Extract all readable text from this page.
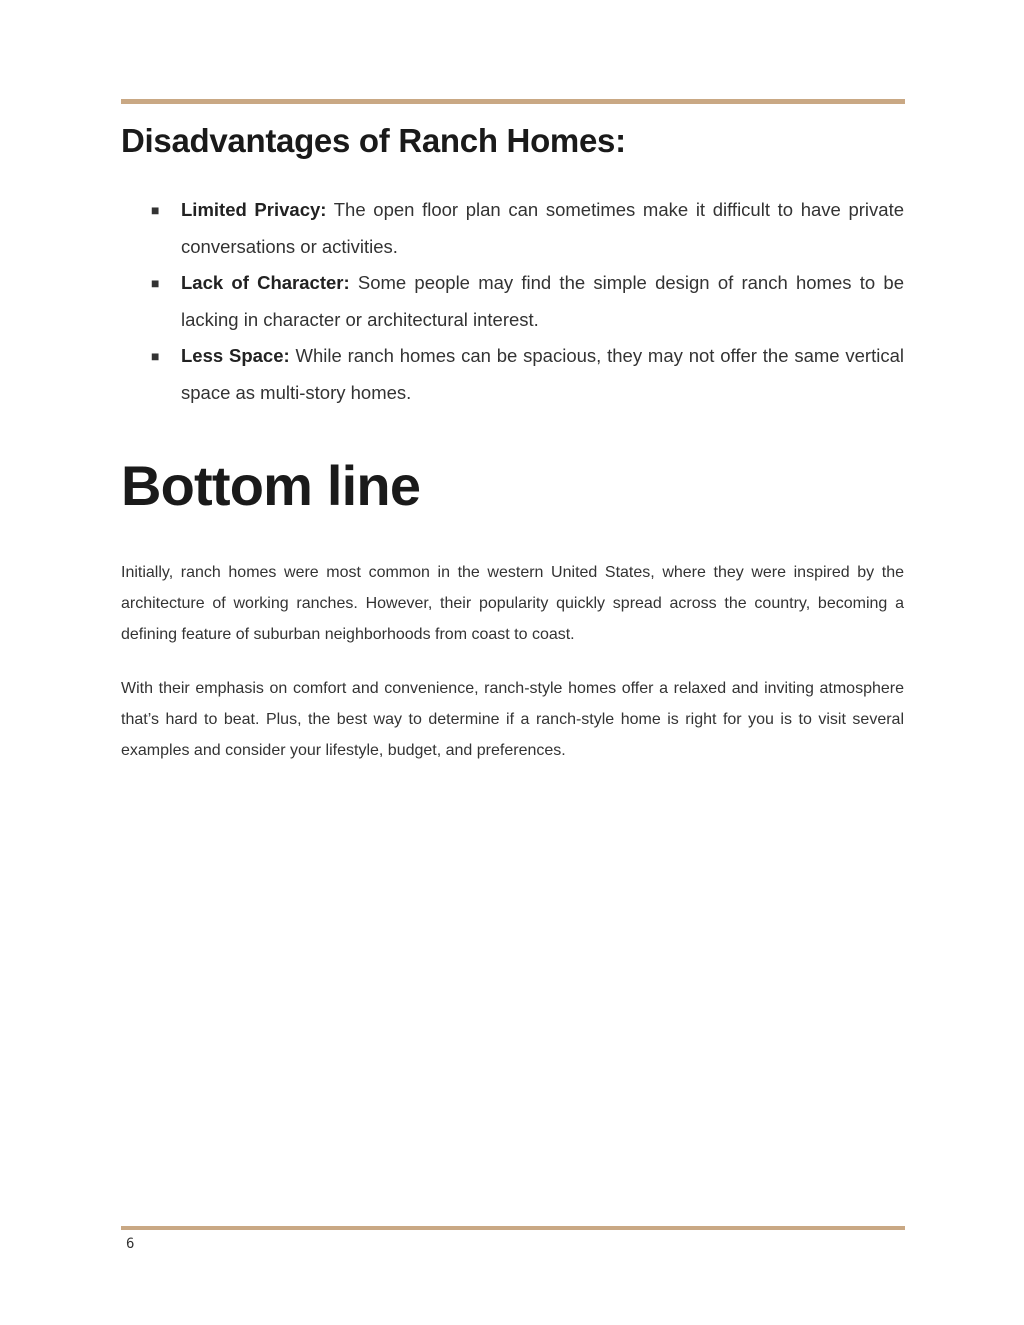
Disadvantages of Ranch Homes:
■ Limited Privacy: The open floor plan can sometimes make it difficult to have private conversations or activities.
■ Lack of Character: Some people may find the simple design of ranch homes to be lacking in character or architectural interest.
■ Less Space: While ranch homes can be spacious, they may not offer the same vertical space as multi-story homes.
Bottom line

Initially, ranch homes were most common in the western United States, where they were inspired by the architecture of working ranches. However, their popularity quickly spread across the country, becoming a defining feature of suburban neighborhoods from coast to coast.

With their emphasis on comfort and convenience, ranch-style homes offer a relaxed and inviting atmosphere that’s hard to beat. Plus, the best way to determine if a ranch-style home is right for you is to visit several examples and consider your lifestyle, budget, and preferences.

6
